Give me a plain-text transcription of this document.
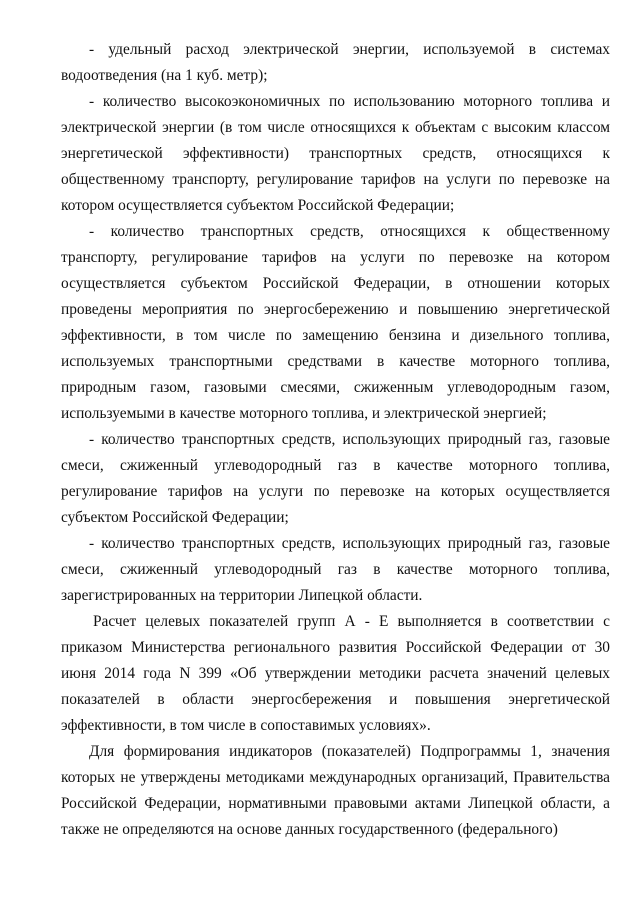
- удельный расход электрической энергии, используемой в системах водоотведения (на 1 куб. метр);

- количество высокоэкономичных по использованию моторного топлива и электрической энергии (в том числе относящихся к объектам с высоким классом энергетической эффективности) транспортных средств, относящихся к общественному транспорту, регулирование тарифов на услуги по перевозке на котором осуществляется субъектом Российской Федерации;

- количество транспортных средств, относящихся к общественному транспорту, регулирование тарифов на услуги по перевозке на котором осуществляется субъектом Российской Федерации, в отношении которых проведены мероприятия по энергосбережению и повышению энергетической эффективности, в том числе по замещению бензина и дизельного топлива, используемых транспортными средствами в качестве моторного топлива, природным газом, газовыми смесями, сжиженным углеводородным газом, используемыми в качестве моторного топлива, и электрической энергией;

- количество транспортных средств, использующих природный газ, газовые смеси, сжиженный углеводородный газ в качестве моторного топлива, регулирование тарифов на услуги по перевозке на которых осуществляется субъектом Российской Федерации;

- количество транспортных средств, использующих природный газ, газовые смеси, сжиженный углеводородный газ в качестве моторного топлива, зарегистрированных на территории Липецкой области.

Расчет целевых показателей групп А - Е выполняется в соответствии с приказом Министерства регионального развития Российской Федерации от 30 июня 2014 года N 399 «Об утверждении методики расчета значений целевых показателей в области энергосбережения и повышения энергетической эффективности, в том числе в сопоставимых условиях».

Для формирования индикаторов (показателей) Подпрограммы 1, значения которых не утверждены методиками международных организаций, Правительства Российской Федерации, нормативными правовыми актами Липецкой области, а также не определяются на основе данных государственного (федерального)
